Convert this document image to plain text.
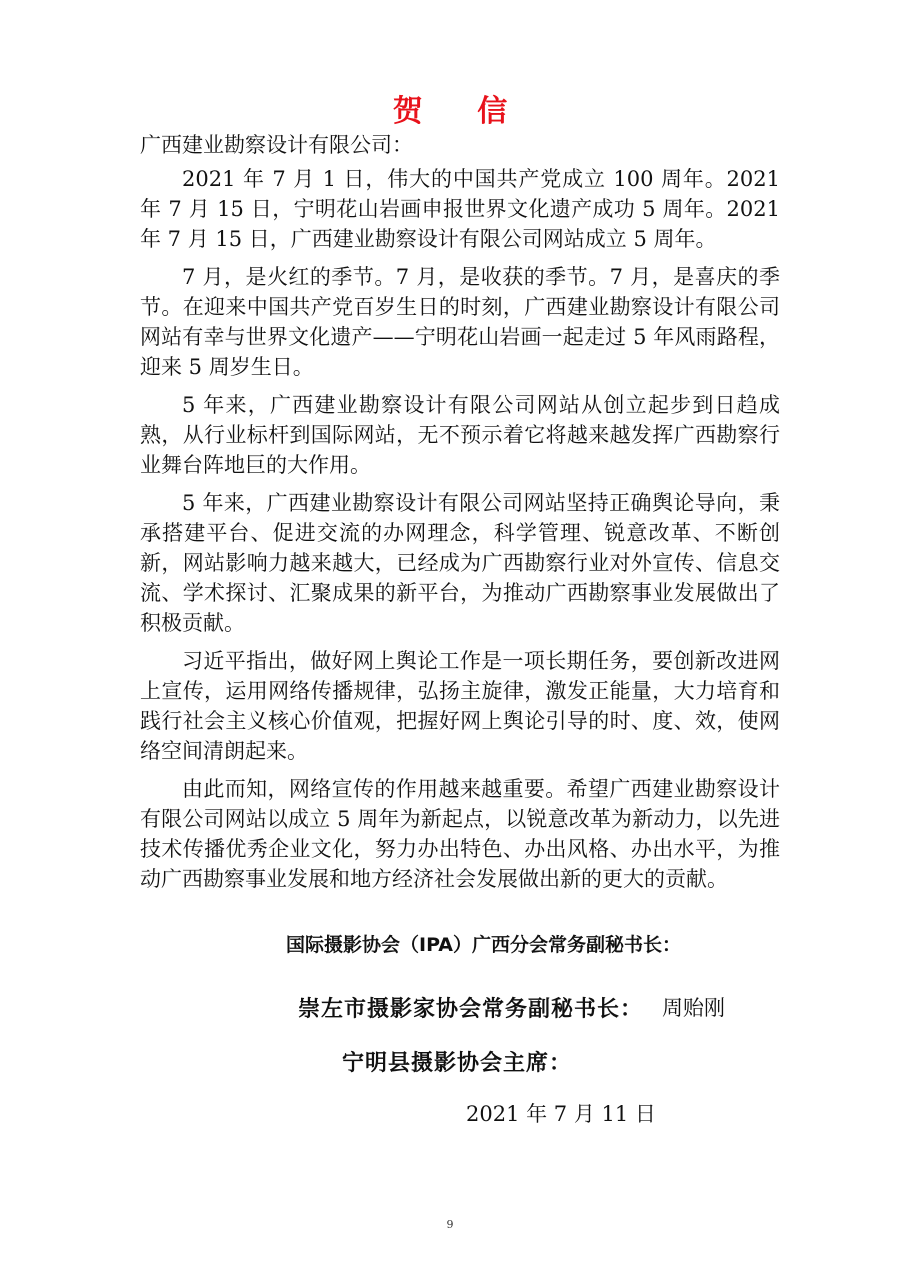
贺 信

广西建业勘察设计有限公司：

2021 年 7 月 1 日，伟大的中国共产党成立 100 周年。2021 年 7 月 15 日，宁明花山岩画申报世界文化遗产成功 5 周年。2021 年 7 月 15 日，广西建业勘察设计有限公司网站成立 5 周年。

7 月，是火红的季节。7 月，是收获的季节。7 月，是喜庆的季节。在迎来中国共产党百岁生日的时刻，广西建业勘察设计有限公司网站有幸与世界文化遗产——宁明花山岩画一起走过 5 年风雨路程，迎来 5 周岁生日。

5 年来，广西建业勘察设计有限公司网站从创立起步到日趋成熟，从行业标杆到国际网站，无不预示着它将越来越发挥广西勘察行业舞台阵地巨的大作用。

5 年来，广西建业勘察设计有限公司网站坚持正确舆论导向，秉承搭建平台、促进交流的办网理念，科学管理、锐意改革、不断创新，网站影响力越来越大，已经成为广西勘察行业对外宣传、信息交流、学术探讨、汇聚成果的新平台，为推动广西勘察事业发展做出了积极贡献。

习近平指出，做好网上舆论工作是一项长期任务，要创新改进网上宣传，运用网络传播规律，弘扬主旋律，激发正能量，大力培育和践行社会主义核心价值观，把握好网上舆论引导的时、度、效，使网络空间清朗起来。

由此而知，网络宣传的作用越来越重要。希望广西建业勘察设计有限公司网站以成立 5 周年为新起点，以锐意改革为新动力，以先进技术传播优秀企业文化，努力办出特色、办出风格、办出水平，为推动广西勘察事业发展和地方经济社会发展做出新的更大的贡献。

国际摄影协会（IPA）广西分会常务副秘书长：
崇左市摄影家协会常务副秘书长： 周贻刚
宁明县摄影协会主席：
2021 年 7 月 11 日
9
